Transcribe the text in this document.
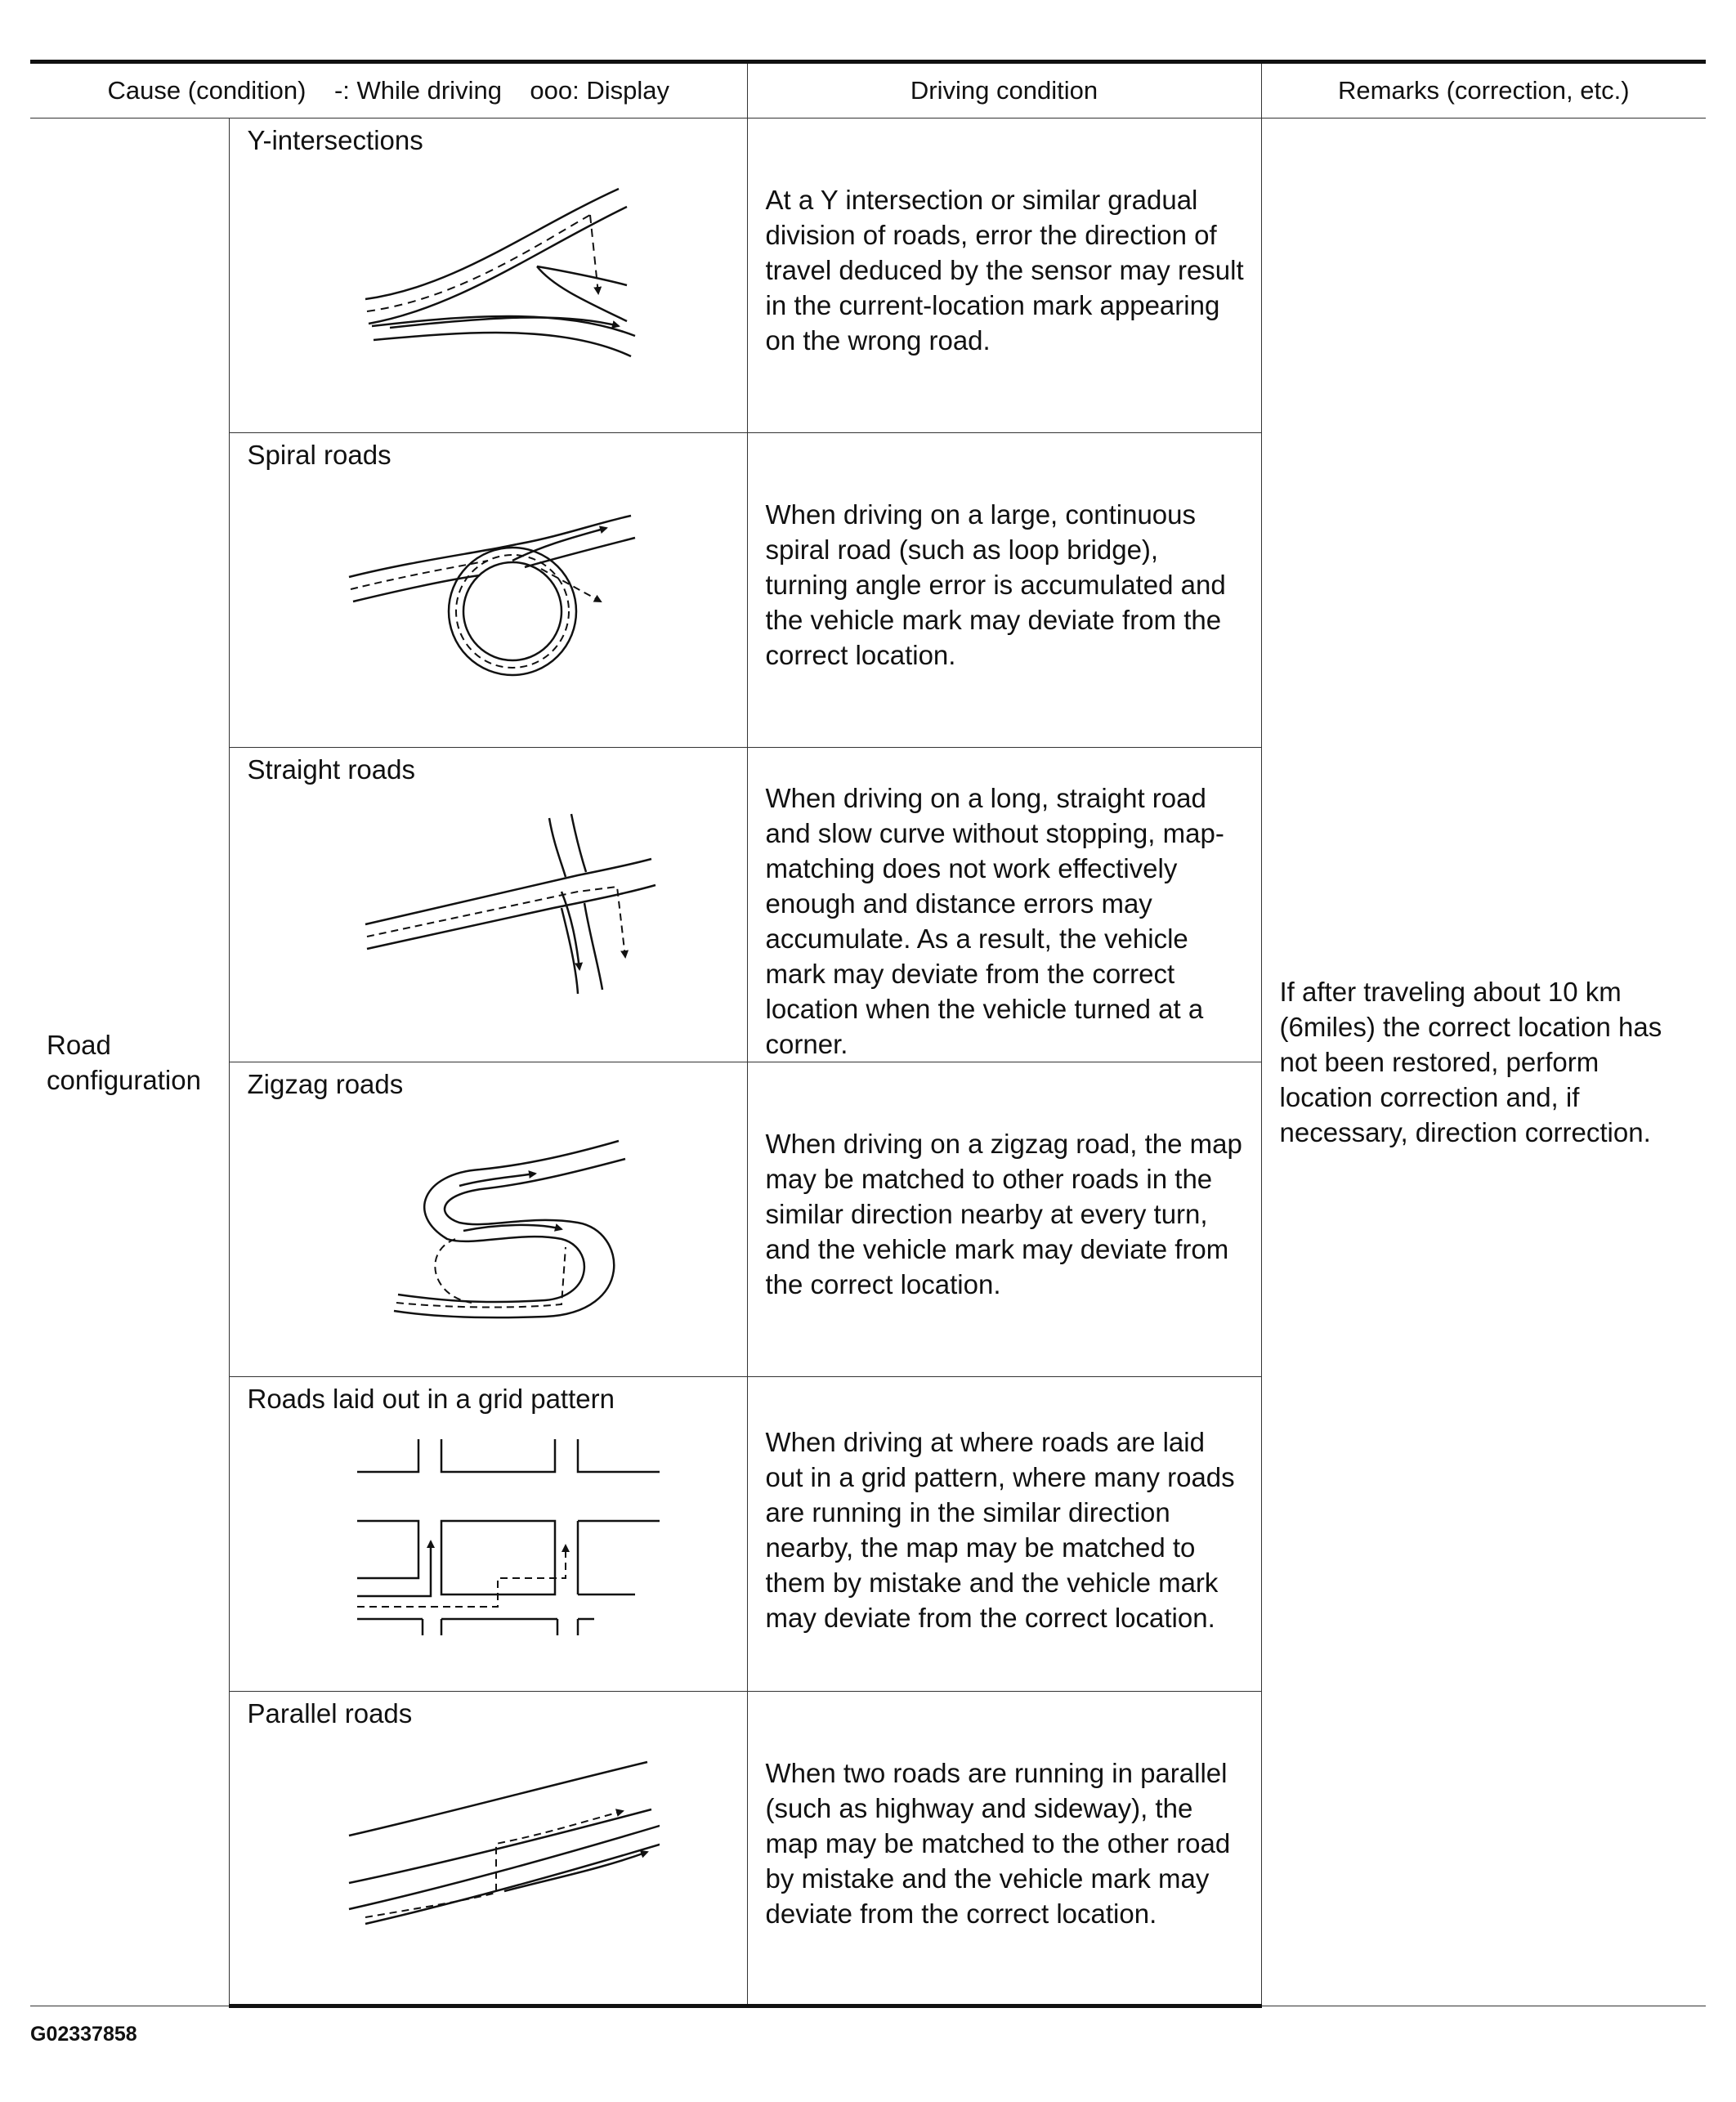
Cause (condition)    -: While driving    ooo: Display		Driving condition	Remarks (correction, etc.)
Road configuration	Y-intersections	At a Y intersection or similar gradual division of roads, error the direction of travel deduced by the sensor may result in the current-location mark appearing on the wrong road.	If after traveling about 10 km (6miles) the correct location has not been restored, perform location correction and, if necessary, direction correction.

	Spiral roads	When driving on a large, continuous spiral road (such as loop bridge), turning angle error is accumulated and the vehicle mark may deviate from the correct location.	

	Straight roads	When driving on a long, straight road and slow curve without stopping, map-matching does not work effectively enough and distance errors may accumulate. As a result, the vehicle mark may deviate from the correct location when the vehicle turned at a corner.	

	Zigzag roads	When driving on a zigzag road, the map may be matched to other roads in the similar direction nearby at every turn, and the vehicle mark may deviate from the correct location.	

	Roads laid out in a grid pattern	When driving at where roads are laid out in a grid pattern, where many roads are running in the similar direction nearby, the map may be matched to them by mistake and the vehicle mark may deviate from the correct location.	

	Parallel roads	When two roads are running in parallel (such as highway and sideway), the map may be matched to the other road by mistake and the vehicle mark may deviate from the correct location.	
G02337858
